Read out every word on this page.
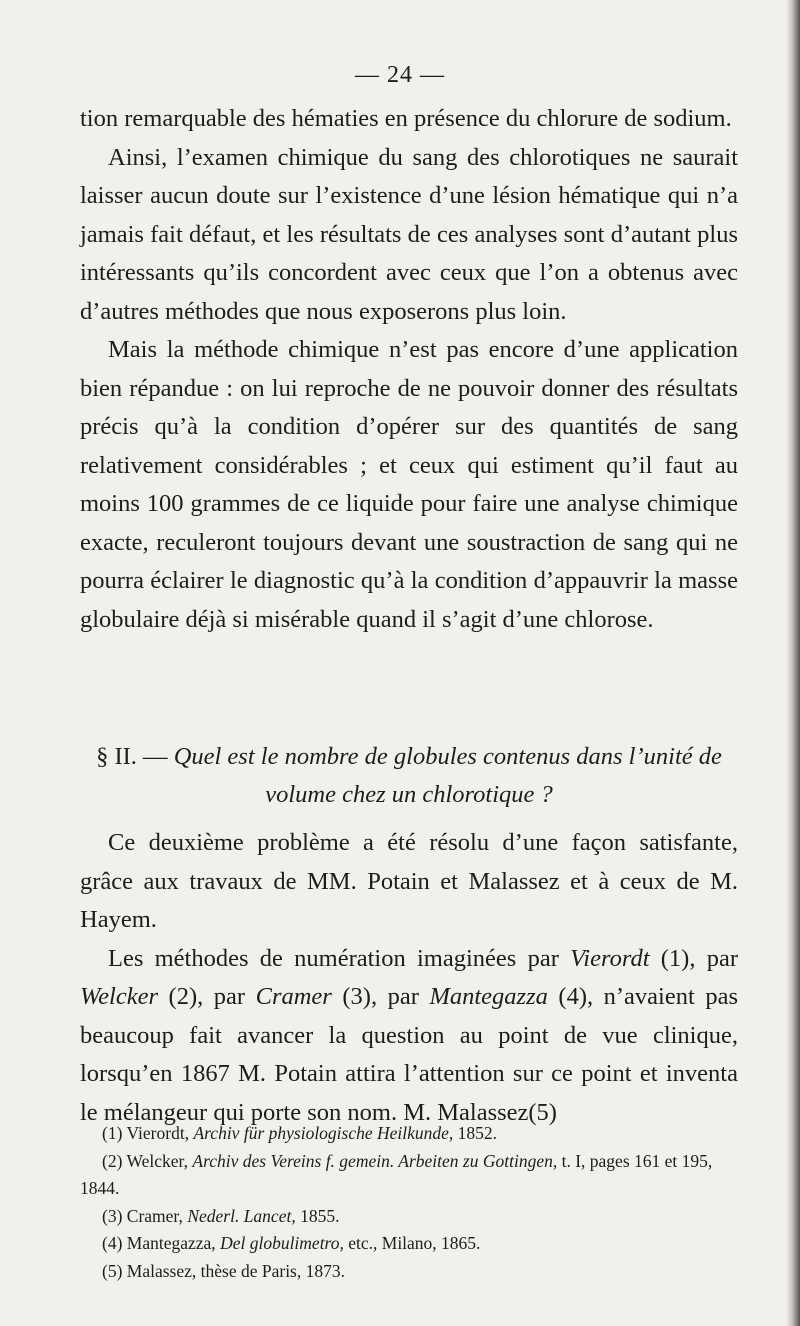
— 24 —

tion remarquable des hématies en présence du chlorure de sodium.

Ainsi, l’examen chimique du sang des chlorotiques ne saurait laisser aucun doute sur l’existence d’une lésion hématique qui n’a jamais fait défaut, et les résultats de ces analyses sont d’autant plus intéressants qu’ils concordent avec ceux que l’on a obtenus avec d’autres méthodes que nous exposerons plus loin.

Mais la méthode chimique n’est pas encore d’une application bien répandue : on lui reproche de ne pouvoir donner des résultats précis qu’à la condition d’opérer sur des quantités de sang relativement considérables ; et ceux qui estiment qu’il faut au moins 100 grammes de ce liquide pour faire une analyse chimique exacte, reculeront toujours devant une soustraction de sang qui ne pourra éclairer le diagnostic qu’à la condition d’appauvrir la masse globulaire déjà si misérable quand il s’agit d’une chlorose.

§ II. — Quel est le nombre de globules contenus dans l’unité de volume chez un chlorotique ?

Ce deuxième problème a été résolu d’une façon satisfante, grâce aux travaux de MM. Potain et Malassez et à ceux de M. Hayem.

Les méthodes de numération imaginées par Vierordt (1), par Welcker (2), par Cramer (3), par Mantegazza (4), n’avaient pas beaucoup fait avancer la question au point de vue clinique, lorsqu’en 1867 M. Potain attira l’attention sur ce point et inventa le mélangeur qui porte son nom. M. Malassez(5)

(1) Vierordt, Archiv für physiologische Heilkunde, 1852.

(2) Welcker, Archiv des Vereins f. gemein. Arbeiten zu Gottingen, t. I, pages 161 et 195, 1844.

(3) Cramer, Nederl. Lancet, 1855.

(4) Mantegazza, Del globulimetro, etc., Milano, 1865.

(5) Malassez, thèse de Paris, 1873.
